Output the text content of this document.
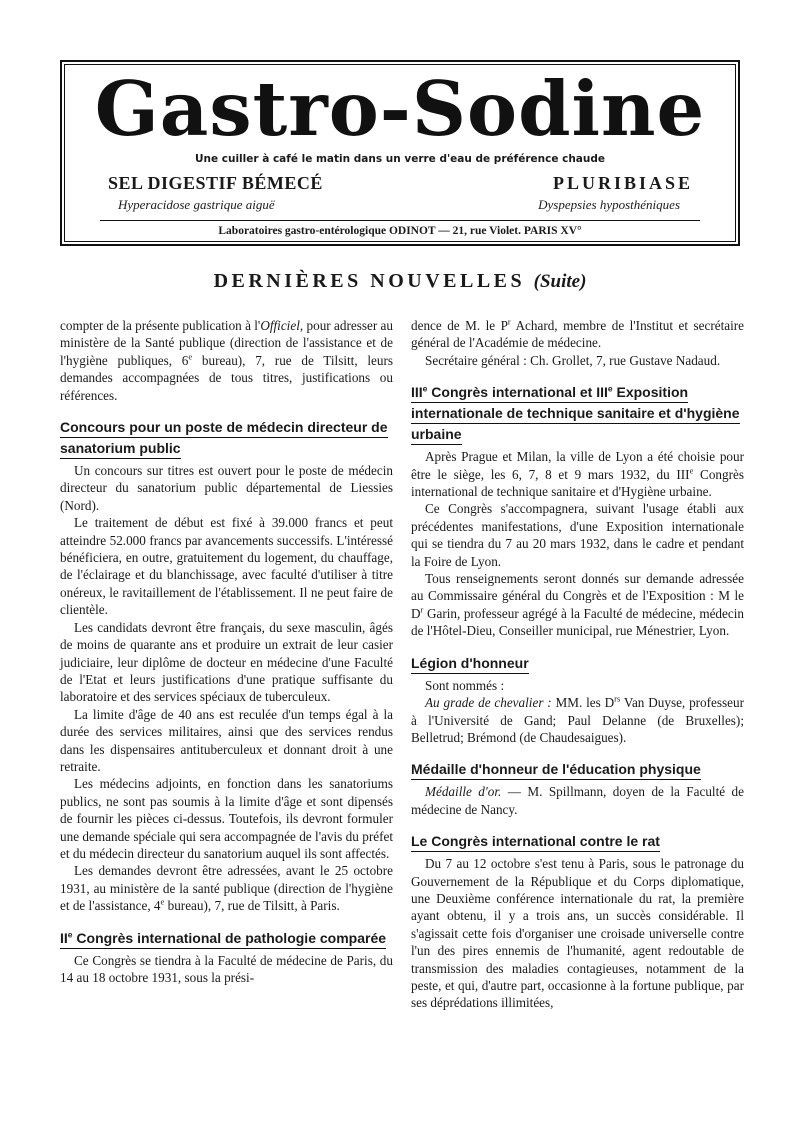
Gastro-Sodine
Une cuiller à café le matin dans un verre d'eau de préférence chaude
SEL DIGESTIF BÉMECÉ
Hyperacidose gastrique aiguë
PLURIBIASE
Dyspepsies hyposthéniques
Laboratoires gastro-entérologique ODINOT — 21, rue Violet. PARIS XV°
DERNIÈRES NOUVELLES (Suite)

compter de la présente publication à l'Officiel, pour adresser au ministère de la Santé publique (direction de l'assistance et de l'hygiène publiques, 6e bureau), 7, rue de Tilsitt, leurs demandes accompagnées de tous titres, justifications ou références.

Concours pour un poste de médecin directeur de sanatorium public

Un concours sur titres est ouvert pour le poste de médecin directeur du sanatorium public départemental de Liessies (Nord).

Le traitement de début est fixé à 39.000 francs et peut atteindre 52.000 francs par avancements successifs. L'intéressé bénéficiera, en outre, gratuitement du logement, du chauffage, de l'éclairage et du blanchissage, avec faculté d'utiliser à titre onéreux, le ravitaillement de l'établissement. Il ne peut faire de clientèle.

Les candidats devront être français, du sexe masculin, âgés de moins de quarante ans et produire un extrait de leur casier judiciaire, leur diplôme de docteur en médecine d'une Faculté de l'Etat et leurs justifications d'une pratique suffisante du laboratoire et des services spéciaux de tuberculeux.

La limite d'âge de 40 ans est reculée d'un temps égal à la durée des services militaires, ainsi que des services rendus dans les dispensaires antituberculeux et donnant droit à une retraite.

Les médecins adjoints, en fonction dans les sanatoriums publics, ne sont pas soumis à la limite d'âge et sont dipensés de fournir les pièces ci-dessus. Toutefois, ils devront formuler une demande spéciale qui sera accompagnée de l'avis du préfet et du médecin directeur du sanatorium auquel ils sont affectés.

Les demandes devront être adressées, avant le 25 octobre 1931, au ministère de la santé publique (direction de l'hygiène et de l'assistance, 4e bureau), 7, rue de Tilsitt, à Paris.

IIe Congrès international de pathologie comparée

Ce Congrès se tiendra à la Faculté de médecine de Paris, du 14 au 18 octobre 1931, sous la prési-

dence de M. le $P^r$ Achard, membre de l'Institut et secrétaire général de l'Académie de médecine.

Secrétaire général : Ch. Grollet, 7, rue Gustave Nadaud.

IIIe Congrès international et IIIe Exposition internationale de technique sanitaire et d'hygiène urbaine

Après Prague et Milan, la ville de Lyon a été choisie pour être le siège, les 6, 7, 8 et 9 mars 1932, du IIIe Congrès international de technique sanitaire et d'Hygiène urbaine.

Ce Congrès s'accompagnera, suivant l'usage établi aux précédentes manifestations, d'une Exposition internationale qui se tiendra du 7 au 20 mars 1932, dans le cadre et pendant la Foire de Lyon.

Tous renseignements seront donnés sur demande adressée au Commissaire général du Congrès et de l'Exposition : M le $D^r$ Garin, professeur agrégé à la Faculté de médecine, médecin de l'Hôtel-Dieu, Conseiller municipal, rue Ménestrier, Lyon.

Légion d'honneur

Sont nommés :

Au grade de chevalier : MM. les $D^{rs}$ Van Duyse, professeur à l'Université de Gand; Paul Delanne (de Bruxelles); Belletrud; Brémond (de Chaudesaigues).

Médaille d'honneur de l'éducation physique

Médaille d'or. — M. Spillmann, doyen de la Faculté de médecine de Nancy.

Le Congrès international contre le rat

Du 7 au 12 octobre s'est tenu à Paris, sous le patronage du Gouvernement de la République et du Corps diplomatique, une Deuxième conférence internationale du rat, la première ayant obtenu, il y a trois ans, un succès considérable. Il s'agissait cette fois d'organiser une croisade universelle contre l'un des pires ennemis de l'humanité, agent redoutable de transmission des maladies contagieuses, notamment de la peste, et qui, d'autre part, occasionne à la fortune publique, par ses déprédations illimitées,
